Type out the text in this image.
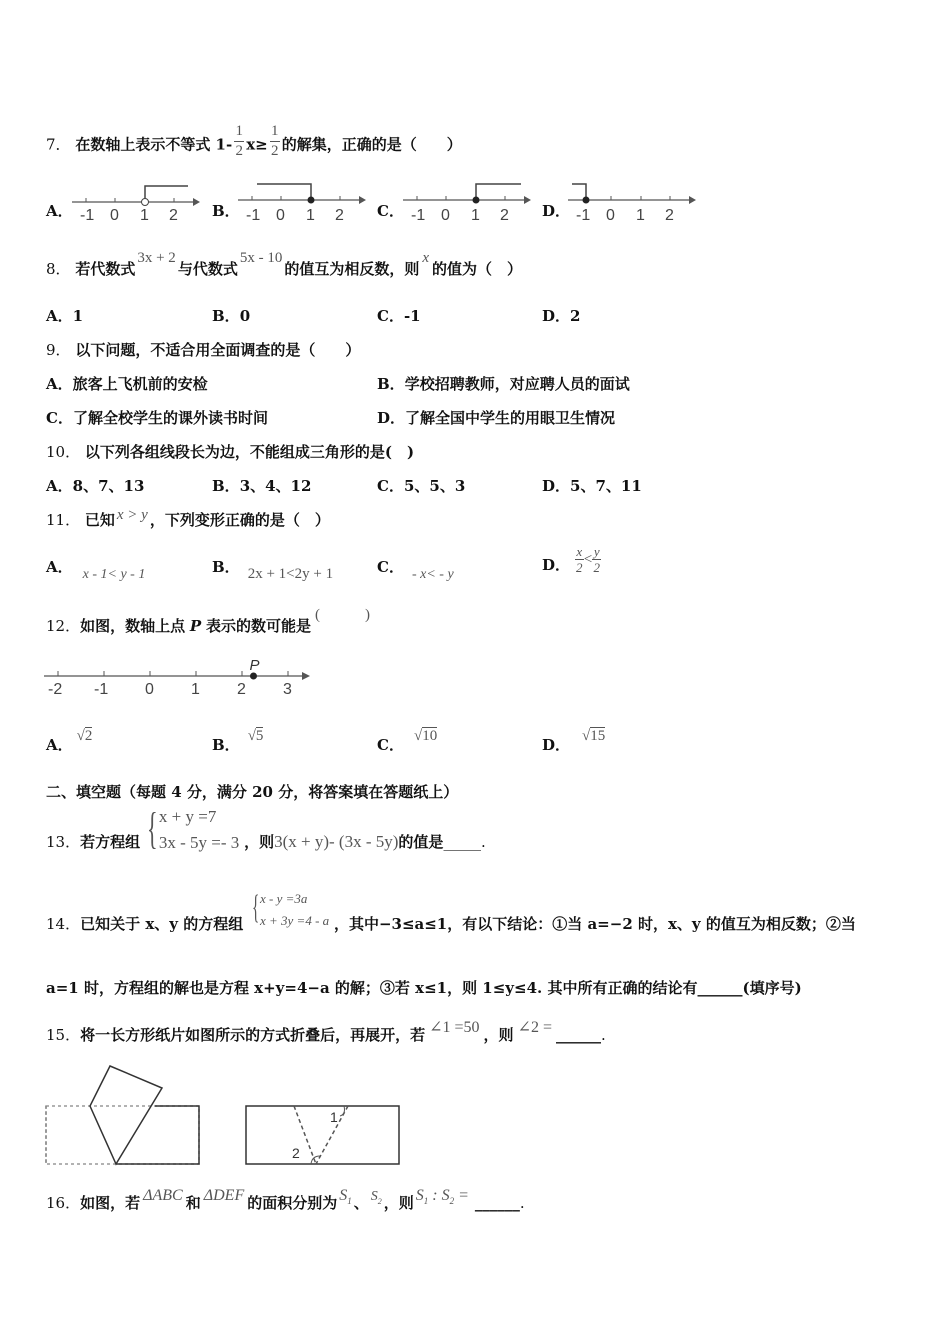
7． 在数轴上表示不等式 $1- \frac{1}{2} x\ge \frac{1}{2}$ 的解集，正确的是（　　）
A． -1 0 1 2 B． -1 0 1 2 C． -1 0 1 2 D． -1 0 1 2
8． 若代数式3x + 2与代数式5x - 10的值互为相反数，则x的值为（　）
A．1	B．0	C．-1	D．2
9． 以下问题，不适合用全面调查的是（　　）
A．旅客上飞机前的安检	B．学校招聘教师，对应聘人员的面试
C．了解全校学生的课外读书时间	D．了解全国中学生的用眼卫生情况
10． 以下列各组线段长为边，不能组成三角形的是(　)
A．8、7、13	B．3、4、12	C．5、5、3	D．5、7、11
11． 已知 x > y ，下列变形正确的是（　）
A． x - 1< y - 1	B． 2x + 1<2y + 1	C． - x< - y
D． $\frac{x}{2} < \frac{y}{2}$
12．如图，数轴上点 P 表示的数可能是(　　　)
-2 -1 0 1 2 3
P
A． √2	B． √5	C． √10	D． √15
二、填空题（每题 4 分，满分 20 分，将答案填在答题纸上）
13．若方程组 { x + y =7
3x - 5y =- 3 ，则3(x + y)- (3x - 5y)的值是_____.
14．已知关于 x、y 的方程组 { x - y =3a
x + 3y =4 - a ，其中−3≤a≤1，有以下结论：①当 a=−2 时，x、y 的值互为相反数；②当
a=1 时，方程组的解也是方程 x+y=4−a 的解；③若 x≤1，则 1≤y≤4. 其中所有正确的结论有______(填序号)
15．将一长方形纸片如图所示的方式折叠后，再展开，若 ∠1 =50 ，则 ∠2 = ______.
1
2
16．如图，若 ΔABC 和 ΔDEF 的面积分别为 $S_1$ 、 $S_2$ ，则 $S_1$ : $S_2$ = ______.
